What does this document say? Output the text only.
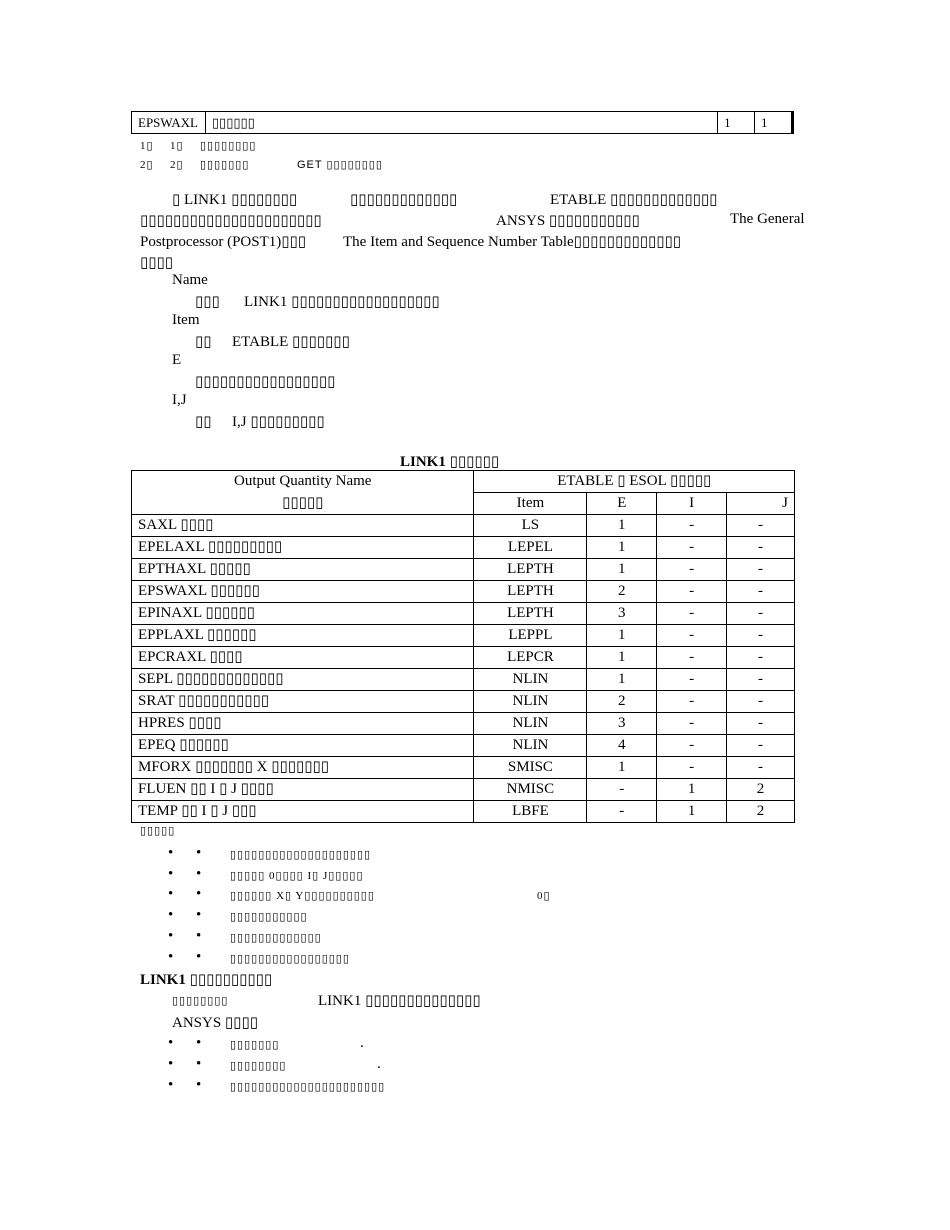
EPSWAXL	▯▯▯▯▯▯	1	1
1▯ 1▯ ▯▯▯▯▯▯▯▯
2▯ 2▯ ▯▯▯▯▯▯▯	GET ▯▯▯▯▯▯▯▯
▯ LINK1 ▯▯▯▯▯▯▯▯	▯▯▯▯▯▯▯▯▯▯▯▯▯	ETABLE ▯▯▯▯▯▯▯▯▯▯▯▯▯
▯▯▯▯▯▯▯▯▯▯▯▯▯▯▯▯▯▯▯▯▯▯	ANSYS ▯▯▯▯▯▯▯▯▯▯▯	The General
Postprocessor (POST1)▯▯▯ The Item and Sequence Number Table▯▯▯▯▯▯▯▯▯▯▯▯▯
▯▯▯▯
Name
▯▯▯ LINK1 ▯▯▯▯▯▯▯▯▯▯▯▯▯▯▯▯▯▯
Item
▯▯ ETABLE ▯▯▯▯▯▯▯
E
▯▯▯▯▯▯▯▯▯▯▯▯▯▯▯▯▯
I,J
▯▯ I,J ▯▯▯▯▯▯▯▯▯
LINK1 ▯▯▯▯▯▯
Output Quantity Name	ETABLE ▯ ESOL ▯▯▯▯▯			
▯▯▯▯▯	Item	E	I	J
SAXL ▯▯▯▯	LS	1	-	-
EPELAXL ▯▯▯▯▯▯▯▯▯	LEPEL	1	-	-
EPTHAXL ▯▯▯▯▯	LEPTH	1	-	-
EPSWAXL ▯▯▯▯▯▯	LEPTH	2	-	-
EPINAXL ▯▯▯▯▯▯	LEPTH	3	-	-
EPPLAXL ▯▯▯▯▯▯	LEPPL	1	-	-
EPCRAXL ▯▯▯▯	LEPCR	1	-	-
SEPL ▯▯▯▯▯▯▯▯▯▯▯▯▯	NLIN	1	-	-
SRAT ▯▯▯▯▯▯▯▯▯▯▯	NLIN	2	-	-
HPRES ▯▯▯▯	NLIN	3	-	-
EPEQ ▯▯▯▯▯▯	NLIN	4	-	-
MFORX ▯▯▯▯▯▯▯ X ▯▯▯▯▯▯▯	SMISC	1	-	-
FLUEN ▯▯ I ▯ J ▯▯▯▯	NMISC	-	1	2
TEMP ▯▯ I ▯ J ▯▯▯	LBFE	-	1	2
▯▯▯▯▯
• •	▯▯▯▯▯▯▯▯▯▯▯▯▯▯▯▯▯▯▯▯
• •	▯▯▯▯▯ 0▯▯▯▯ I▯ J▯▯▯▯▯
• •	▯▯▯▯▯▯ X▯ Y▯▯▯▯▯▯▯▯▯▯	0▯
• •	▯▯▯▯▯▯▯▯▯▯▯
• •	▯▯▯▯▯▯▯▯▯▯▯▯▯
• •	▯▯▯▯▯▯▯▯▯▯▯▯▯▯▯▯▯
LINK1 ▯▯▯▯▯▯▯▯▯▯
▯▯▯▯▯▯▯▯	LINK1 ▯▯▯▯▯▯▯▯▯▯▯▯▯▯
ANSYS ▯▯▯▯
• •	▯▯▯▯▯▯▯	.
• •	▯▯▯▯▯▯▯▯	.
• •	▯▯▯▯▯▯▯▯▯▯▯▯▯▯▯▯▯▯▯▯▯▯
